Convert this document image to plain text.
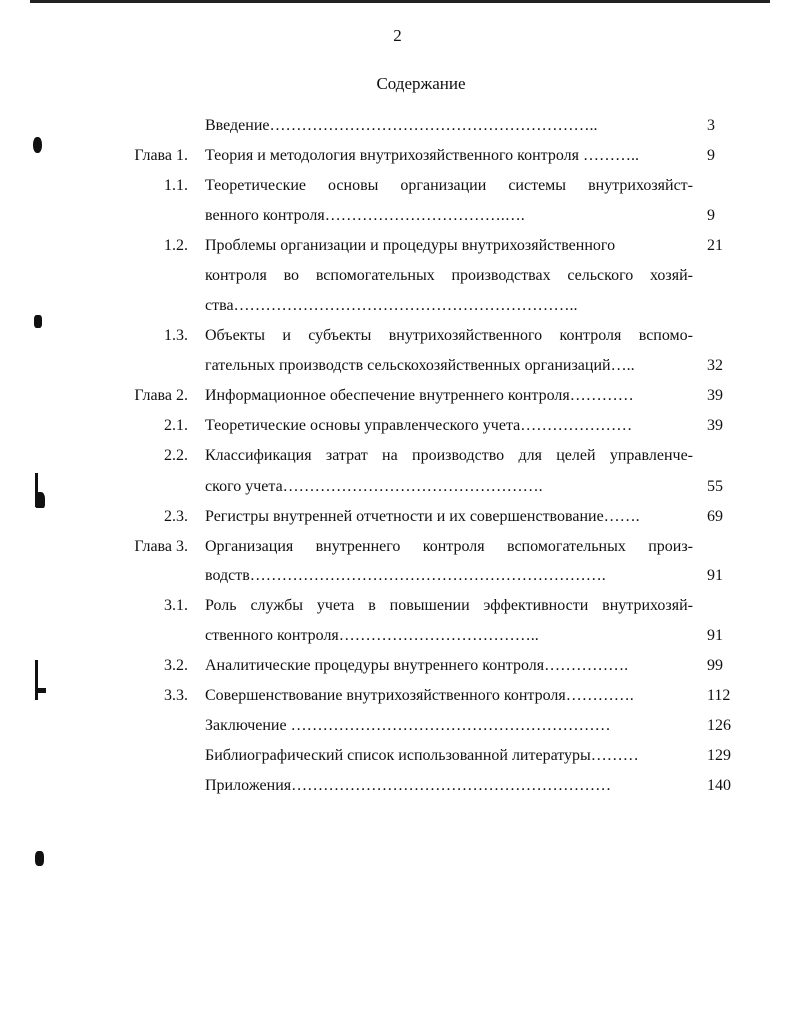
2
Содержание
Введение……………………………………………………..	3
Глава 1. Теория и методология внутрихозяйственного контроля ………..	9
1.1. Теоретические основы организации системы внутрихозяйст-
венного контроля…………………………….….	9
1.2. Проблемы организации и процедуры внутрихозяйственного	21
контроля во вспомогательных производствах сельского хозяй-
ства………………………………………………………..
1.3. Объекты и субъекты внутрихозяйственного контроля вспомо-
гательных производств сельскохозяйственных организаций…..	32
Глава 2. Информационное обеспечение внутреннего контроля…………	39
2.1. Теоретические основы управленческого учета…………………	39
2.2. Классификация затрат на производство для целей управленче-
ского учета………………………………………….	55
2.3. Регистры внутренней отчетности и их совершенствование…….	69
Глава 3. Организация внутреннего контроля вспомогательных произ-
водств………………………………………………………….	91
3.1. Роль службы учета в повышении эффективности внутрихозяй-
ственного контроля………………………………..	91
3.2. Аналитические процедуры внутреннего контроля…………….	99
3.3. Совершенствование внутрихозяйственного контроля………….	112
Заключение ……………………………………………………	126
Библиографический список использованной литературы………	129
Приложения……………………………………………………	140
